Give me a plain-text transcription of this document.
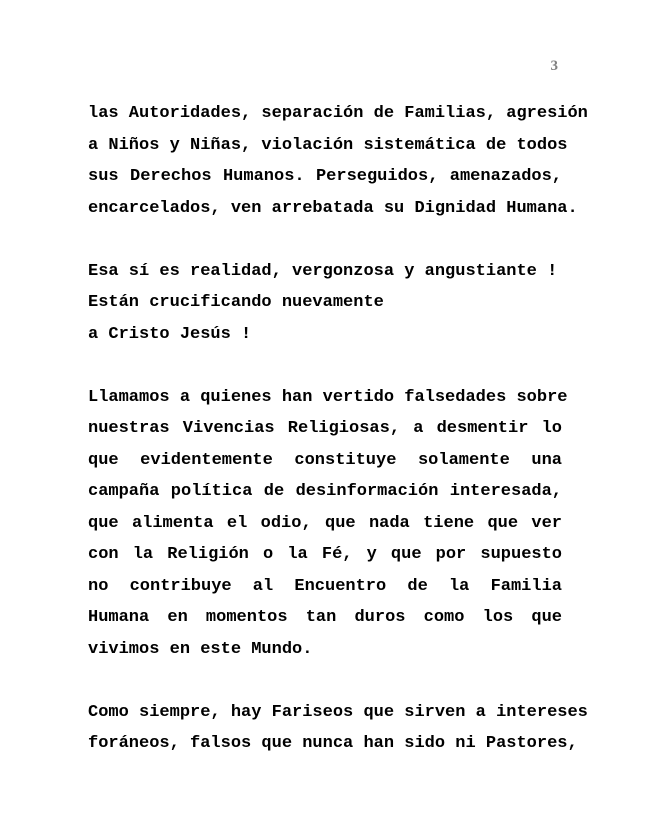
3

las Autoridades, separación de Familias, agresión
a Niños y Niñas, violación sistemática de todos
sus Derechos Humanos. Perseguidos, amenazados,
encarcelados, ven arrebatada su Dignidad Humana.

Esa sí es realidad, vergonzosa y angustiante !
Están crucificando nuevamente
a Cristo Jesús !

Llamamos a quienes han vertido falsedades sobre
nuestras Vivencias Religiosas, a desmentir lo
que evidentemente constituye solamente una
campaña política de desinformación interesada,
que alimenta el odio, que nada tiene que ver
con la Religión o la Fé, y que por supuesto
no contribuye al Encuentro de la Familia
Humana en momentos tan duros como los que
vivimos en este Mundo.

Como siempre, hay Fariseos que sirven a intereses
foráneos, falsos que nunca han sido ni Pastores,
